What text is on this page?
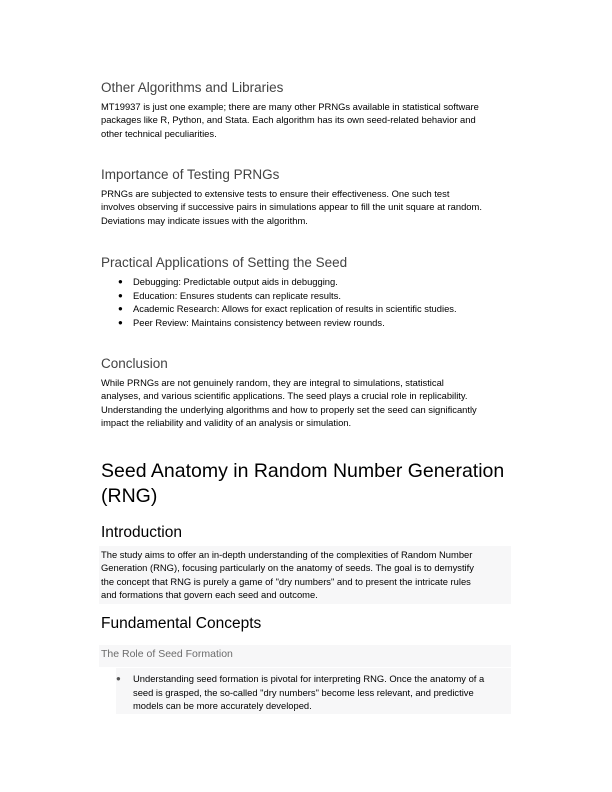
Other Algorithms and Libraries

MT19937 is just one example; there are many other PRNGs available in statistical software
packages like R, Python, and Stata. Each algorithm has its own seed-related behavior and
other technical peculiarities.

Importance of Testing PRNGs

PRNGs are subjected to extensive tests to ensure their effectiveness. One such test
involves observing if successive pairs in simulations appear to fill the unit square at random.
Deviations may indicate issues with the algorithm.

Practical Applications of Setting the Seed
● Debugging: Predictable output aids in debugging.
● Education: Ensures students can replicate results.
● Academic Research: Allows for exact replication of results in scientific studies.
● Peer Review: Maintains consistency between review rounds.
Conclusion

While PRNGs are not genuinely random, they are integral to simulations, statistical
analyses, and various scientific applications. The seed plays a crucial role in replicability.
Understanding the underlying algorithms and how to properly set the seed can significantly
impact the reliability and validity of an analysis or simulation.

Seed Anatomy in Random Number Generation
(RNG)
Introduction

The study aims to offer an in-depth understanding of the complexities of Random Number
Generation (RNG), focusing particularly on the anatomy of seeds. The goal is to demystify
the concept that RNG is purely a game of "dry numbers" and to present the intricate rules
and formations that govern each seed and outcome.

Fundamental Concepts
The Role of Seed Formation
● Understanding seed formation is pivotal for interpreting RNG. Once the anatomy of a
seed is grasped, the so-called "dry numbers" become less relevant, and predictive
models can be more accurately developed.
